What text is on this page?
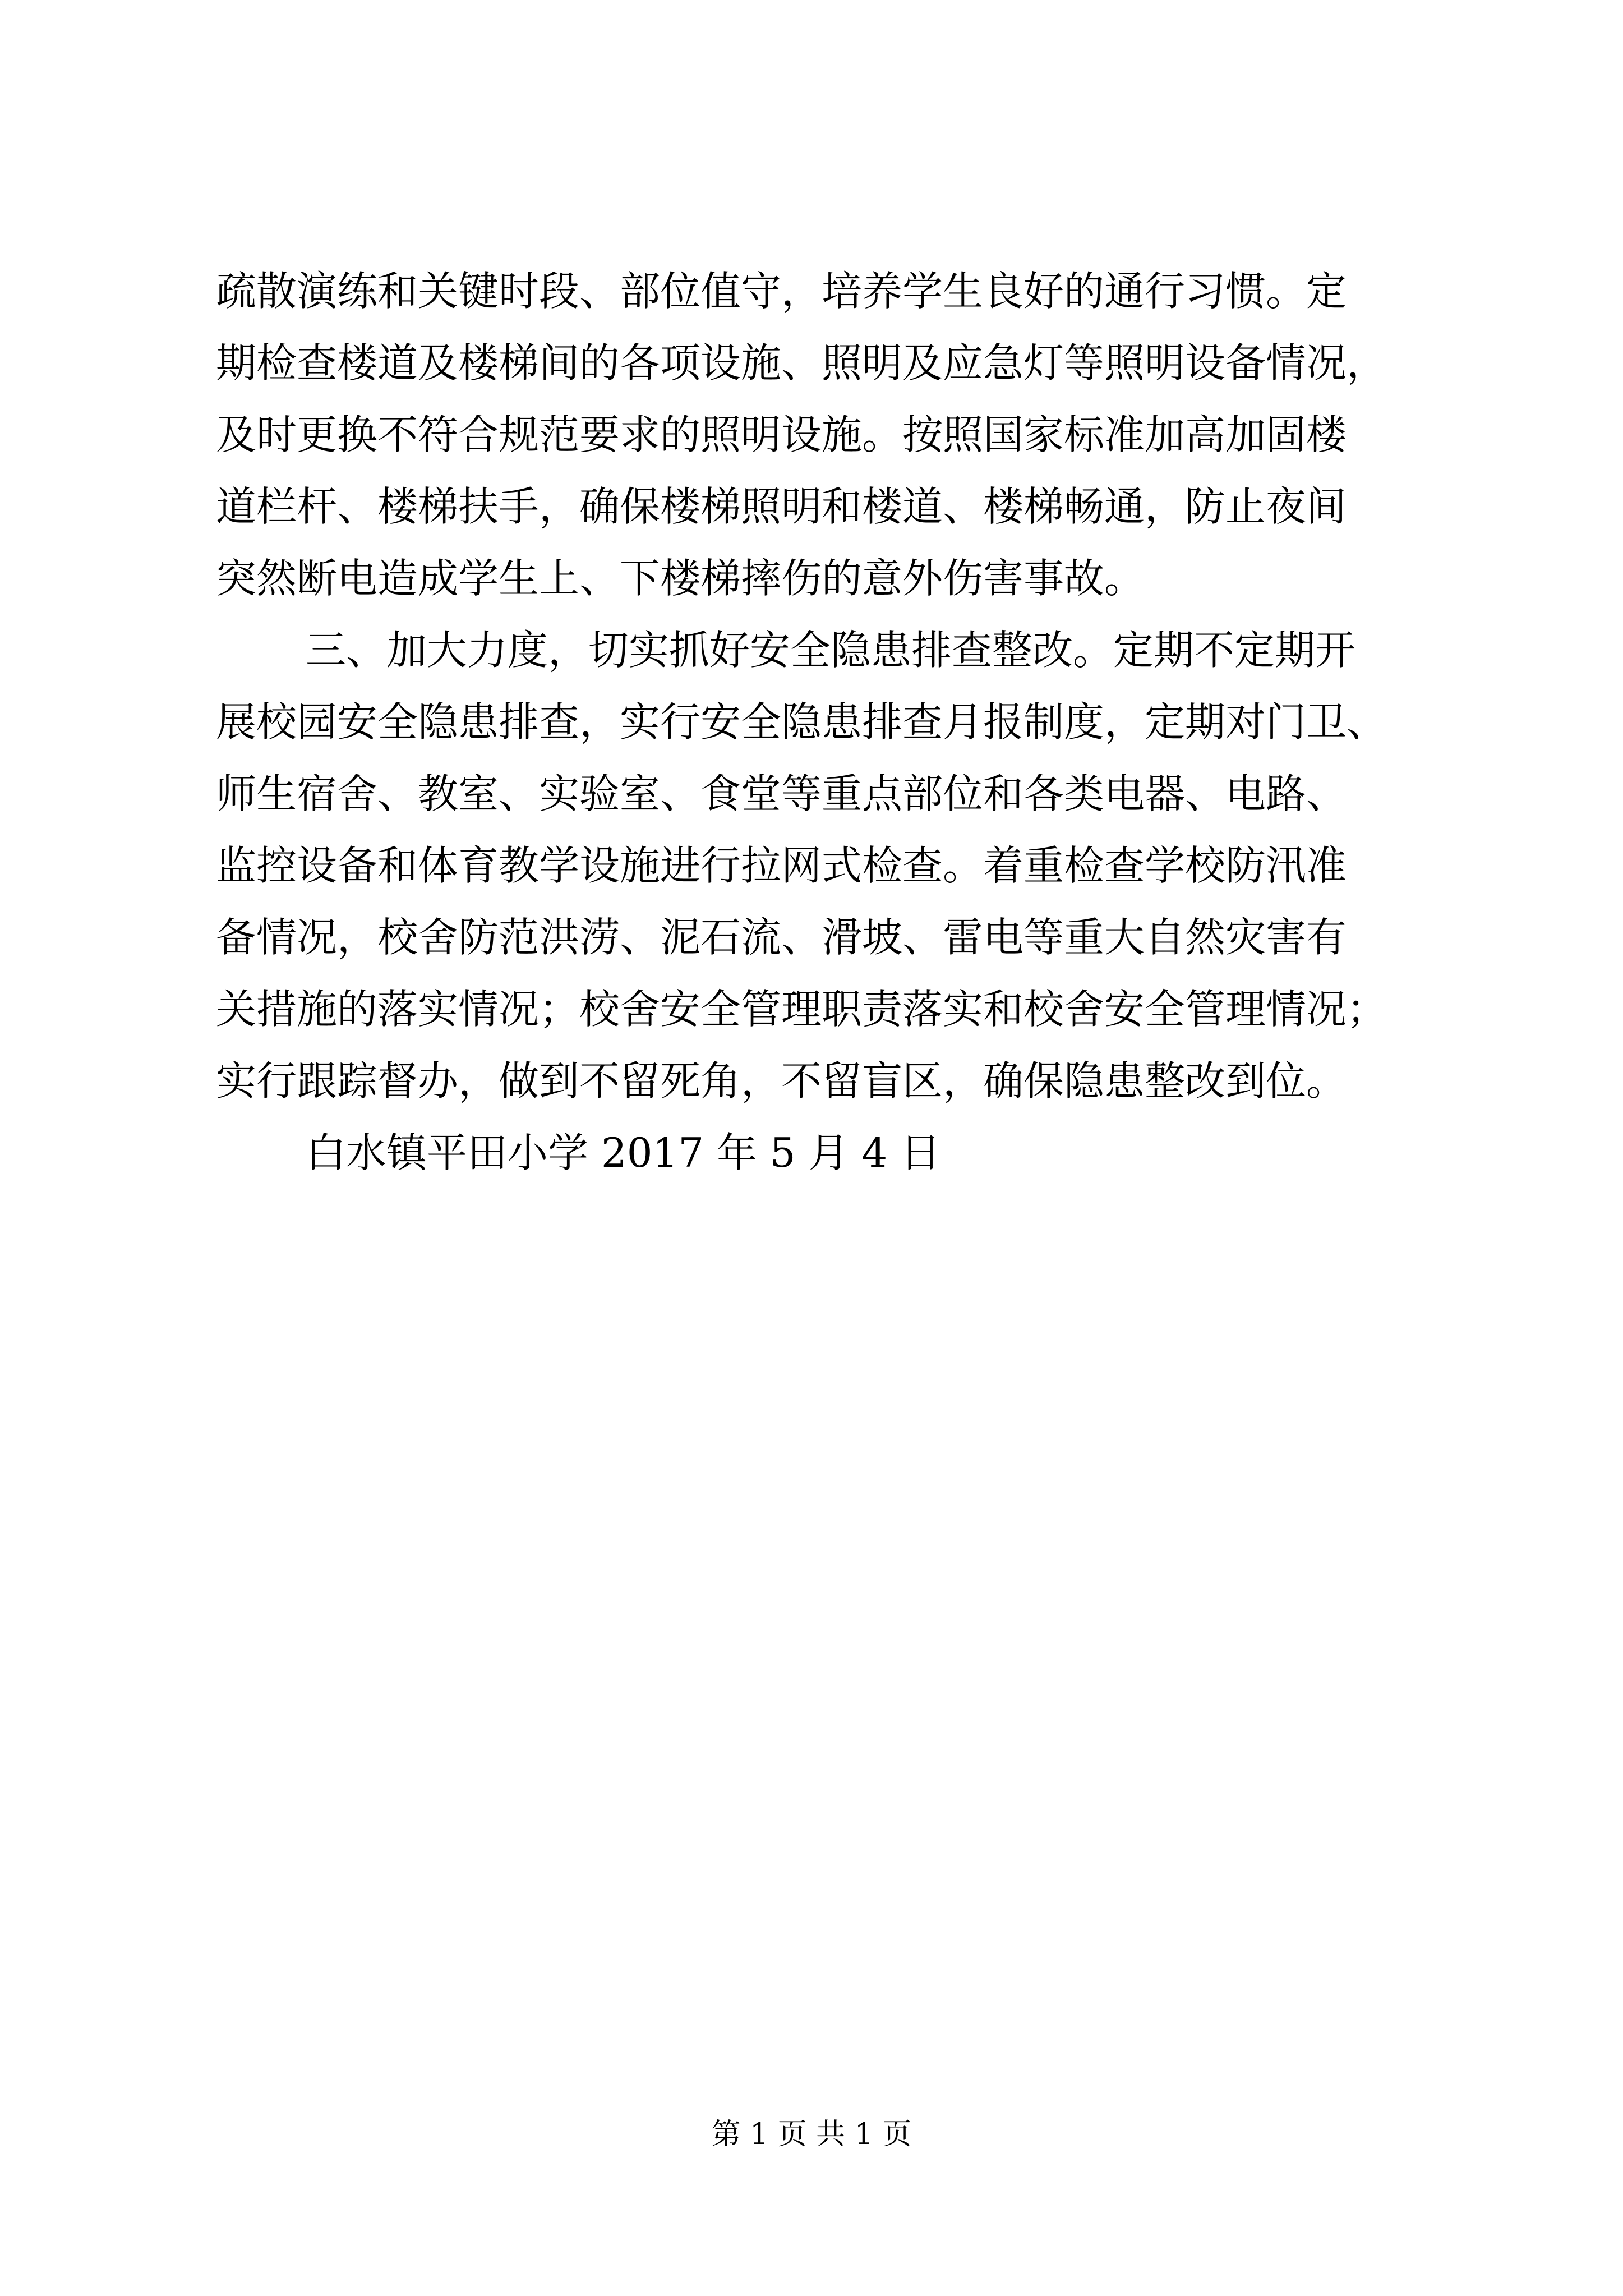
疏散演练和关键时段、部位值守，培养学生良好的通行习惯。定
期检查楼道及楼梯间的各项设施、照明及应急灯等照明设备情况，
及时更换不符合规范要求的照明设施。按照国家标准加高加固楼
道栏杆、楼梯扶手，确保楼梯照明和楼道、楼梯畅通，防止夜间
突然断电造成学生上、下楼梯摔伤的意外伤害事故。
三、加大力度，切实抓好安全隐患排查整改。定期不定期开
展校园安全隐患排查，实行安全隐患排查月报制度，定期对门卫、
师生宿舍、教室、实验室、食堂等重点部位和各类电器、电路、
监控设备和体育教学设施进行拉网式检查。着重检查学校防汛准
备情况，校舍防范洪涝、泥石流、滑坡、雷电等重大自然灾害有
关措施的落实情况；校舍安全管理职责落实和校舍安全管理情况；
实行跟踪督办，做到不留死角，不留盲区，确保隐患整改到位。
白水镇平田小学 2017 年 5 月 4 日
第 1 页 共 1 页
